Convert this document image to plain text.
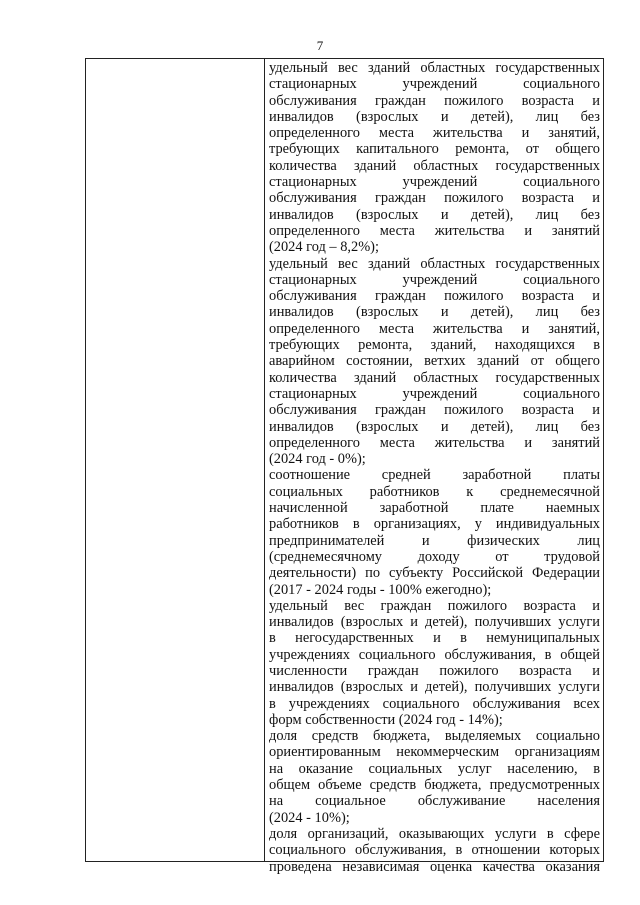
7

удельный вес зданий областных государственных
стационарных учреждений социального
обслуживания граждан пожилого возраста и
инвалидов (взрослых и детей), лиц без
определенного места жительства и занятий,
требующих капитального ремонта, от общего
количества зданий областных государственных
стационарных учреждений социального
обслуживания граждан пожилого возраста и
инвалидов (взрослых и детей), лиц без
определенного места жительства и занятий
(2024 год – 8,2%);

удельный вес зданий областных государственных
стационарных учреждений социального
обслуживания граждан пожилого возраста и
инвалидов (взрослых и детей), лиц без
определенного места жительства и занятий,
требующих ремонта, зданий, находящихся в
аварийном состоянии, ветхих зданий от общего
количества зданий областных государственных
стационарных учреждений социального
обслуживания граждан пожилого возраста и
инвалидов (взрослых и детей), лиц без
определенного места жительства и занятий
(2024 год - 0%);

соотношение средней заработной платы
социальных работников к среднемесячной
начисленной заработной плате наемных
работников в организациях, у индивидуальных
предпринимателей и физических лиц
(среднемесячному доходу от трудовой
деятельности) по субъекту Российской Федерации
(2017 - 2024 годы - 100% ежегодно);

удельный вес граждан пожилого возраста и
инвалидов (взрослых и детей), получивших услуги
в негосударственных и в немуниципальных
учреждениях социального обслуживания, в общей
численности граждан пожилого возраста и
инвалидов (взрослых и детей), получивших услуги
в учреждениях социального обслуживания всех
форм собственности (2024 год - 14%);

доля средств бюджета, выделяемых социально
ориентированным некоммерческим организациям
на оказание социальных услуг населению, в
общем объеме средств бюджета, предусмотренных
на социальное обслуживание населения
(2024 - 10%);

доля организаций, оказывающих услуги в сфере
социального обслуживания, в отношении которых
проведена независимая оценка качества оказания
